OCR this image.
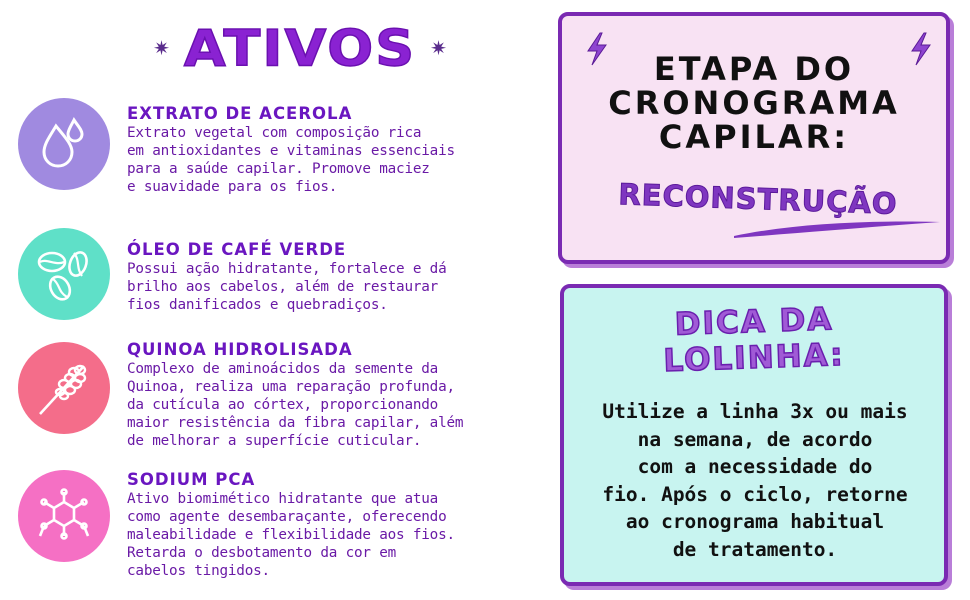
✷ ATIVOS ✷
EXTRATO DE ACEROLA
Extrato vegetal com composição rica
em antioxidantes e vitaminas essenciais
para a saúde capilar. Promove maciez
e suavidade para os fios.
ÓLEO DE CAFÉ VERDE
Possui ação hidratante, fortalece e dá
brilho aos cabelos, além de restaurar
fios danificados e quebradiços.
QUINOA HIDROLISADA
Complexo de aminoácidos da semente da
Quinoa, realiza uma reparação profunda,
da cutícula ao córtex, proporcionando
maior resistência da fibra capilar, além
de melhorar a superfície cuticular.
SODIUM PCA
Ativo biomimético hidratante que atua
como agente desembaraçante, oferecendo
maleabilidade e flexibilidade aos fios.
Retarda o desbotamento da cor em
cabelos tingidos.
ETAPA DO
CRONOGRAMA
CAPILAR:
RECONSTRUÇÃO
DICA DA
LOLINHA:
Utilize a linha 3x ou mais
na semana, de acordo
com a necessidade do
fio. Após o ciclo, retorne
ao cronograma habitual
de tratamento.
